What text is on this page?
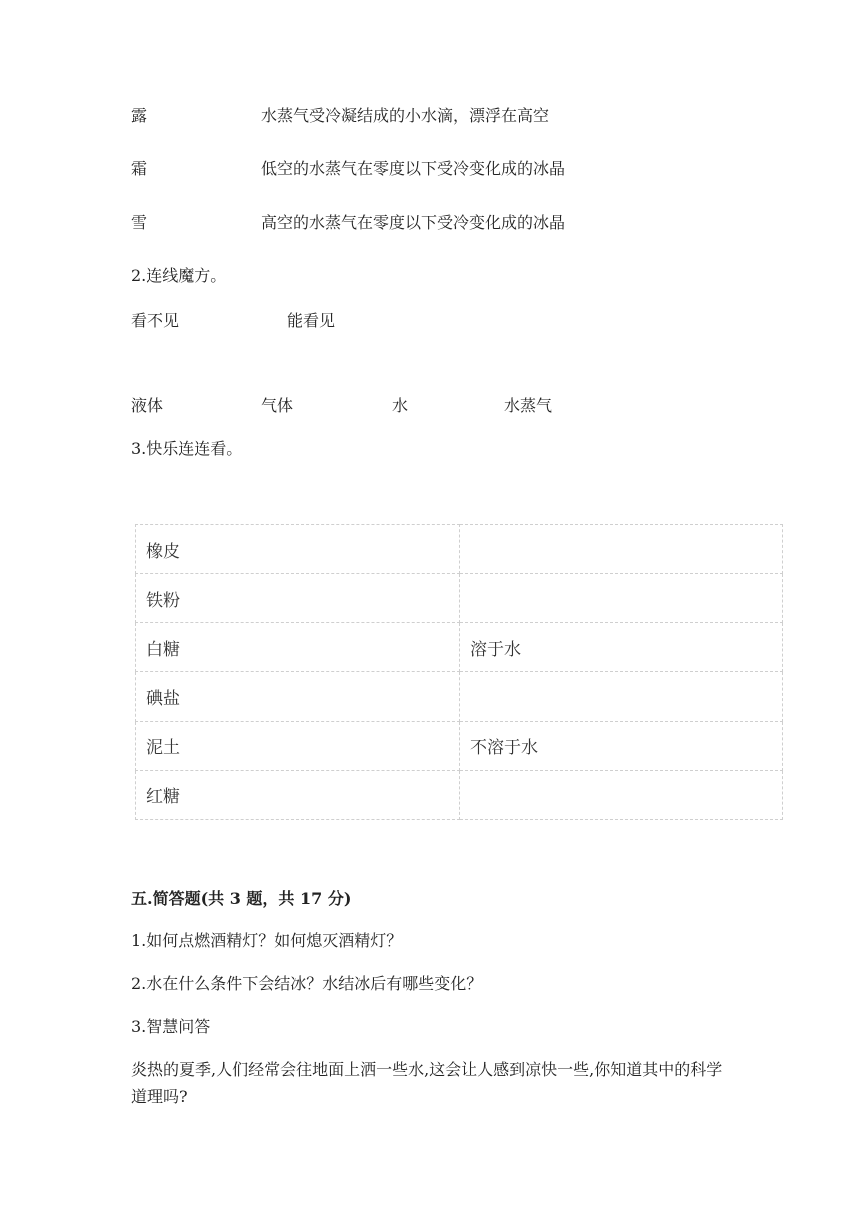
露	水蒸气受冷凝结成的小水滴，漂浮在高空
霜	低空的水蒸气在零度以下受冷变化成的冰晶
雪	高空的水蒸气在零度以下受冷变化成的冰晶
2.连线魔方。
看不见	能看见
液体	气体	水	水蒸气
3.快乐连连看。
橡皮	
铁粉	
白糖	溶于水
碘盐	
泥土	不溶于水
红糖	
五.简答题(共 3 题，共 17 分)
1.如何点燃酒精灯？如何熄灭酒精灯？
2.水在什么条件下会结冰？水结冰后有哪些变化？
3.智慧问答
炎热的夏季,人们经常会往地面上洒一些水,这会让人感到凉快一些,你知道其中的科学道理吗?
